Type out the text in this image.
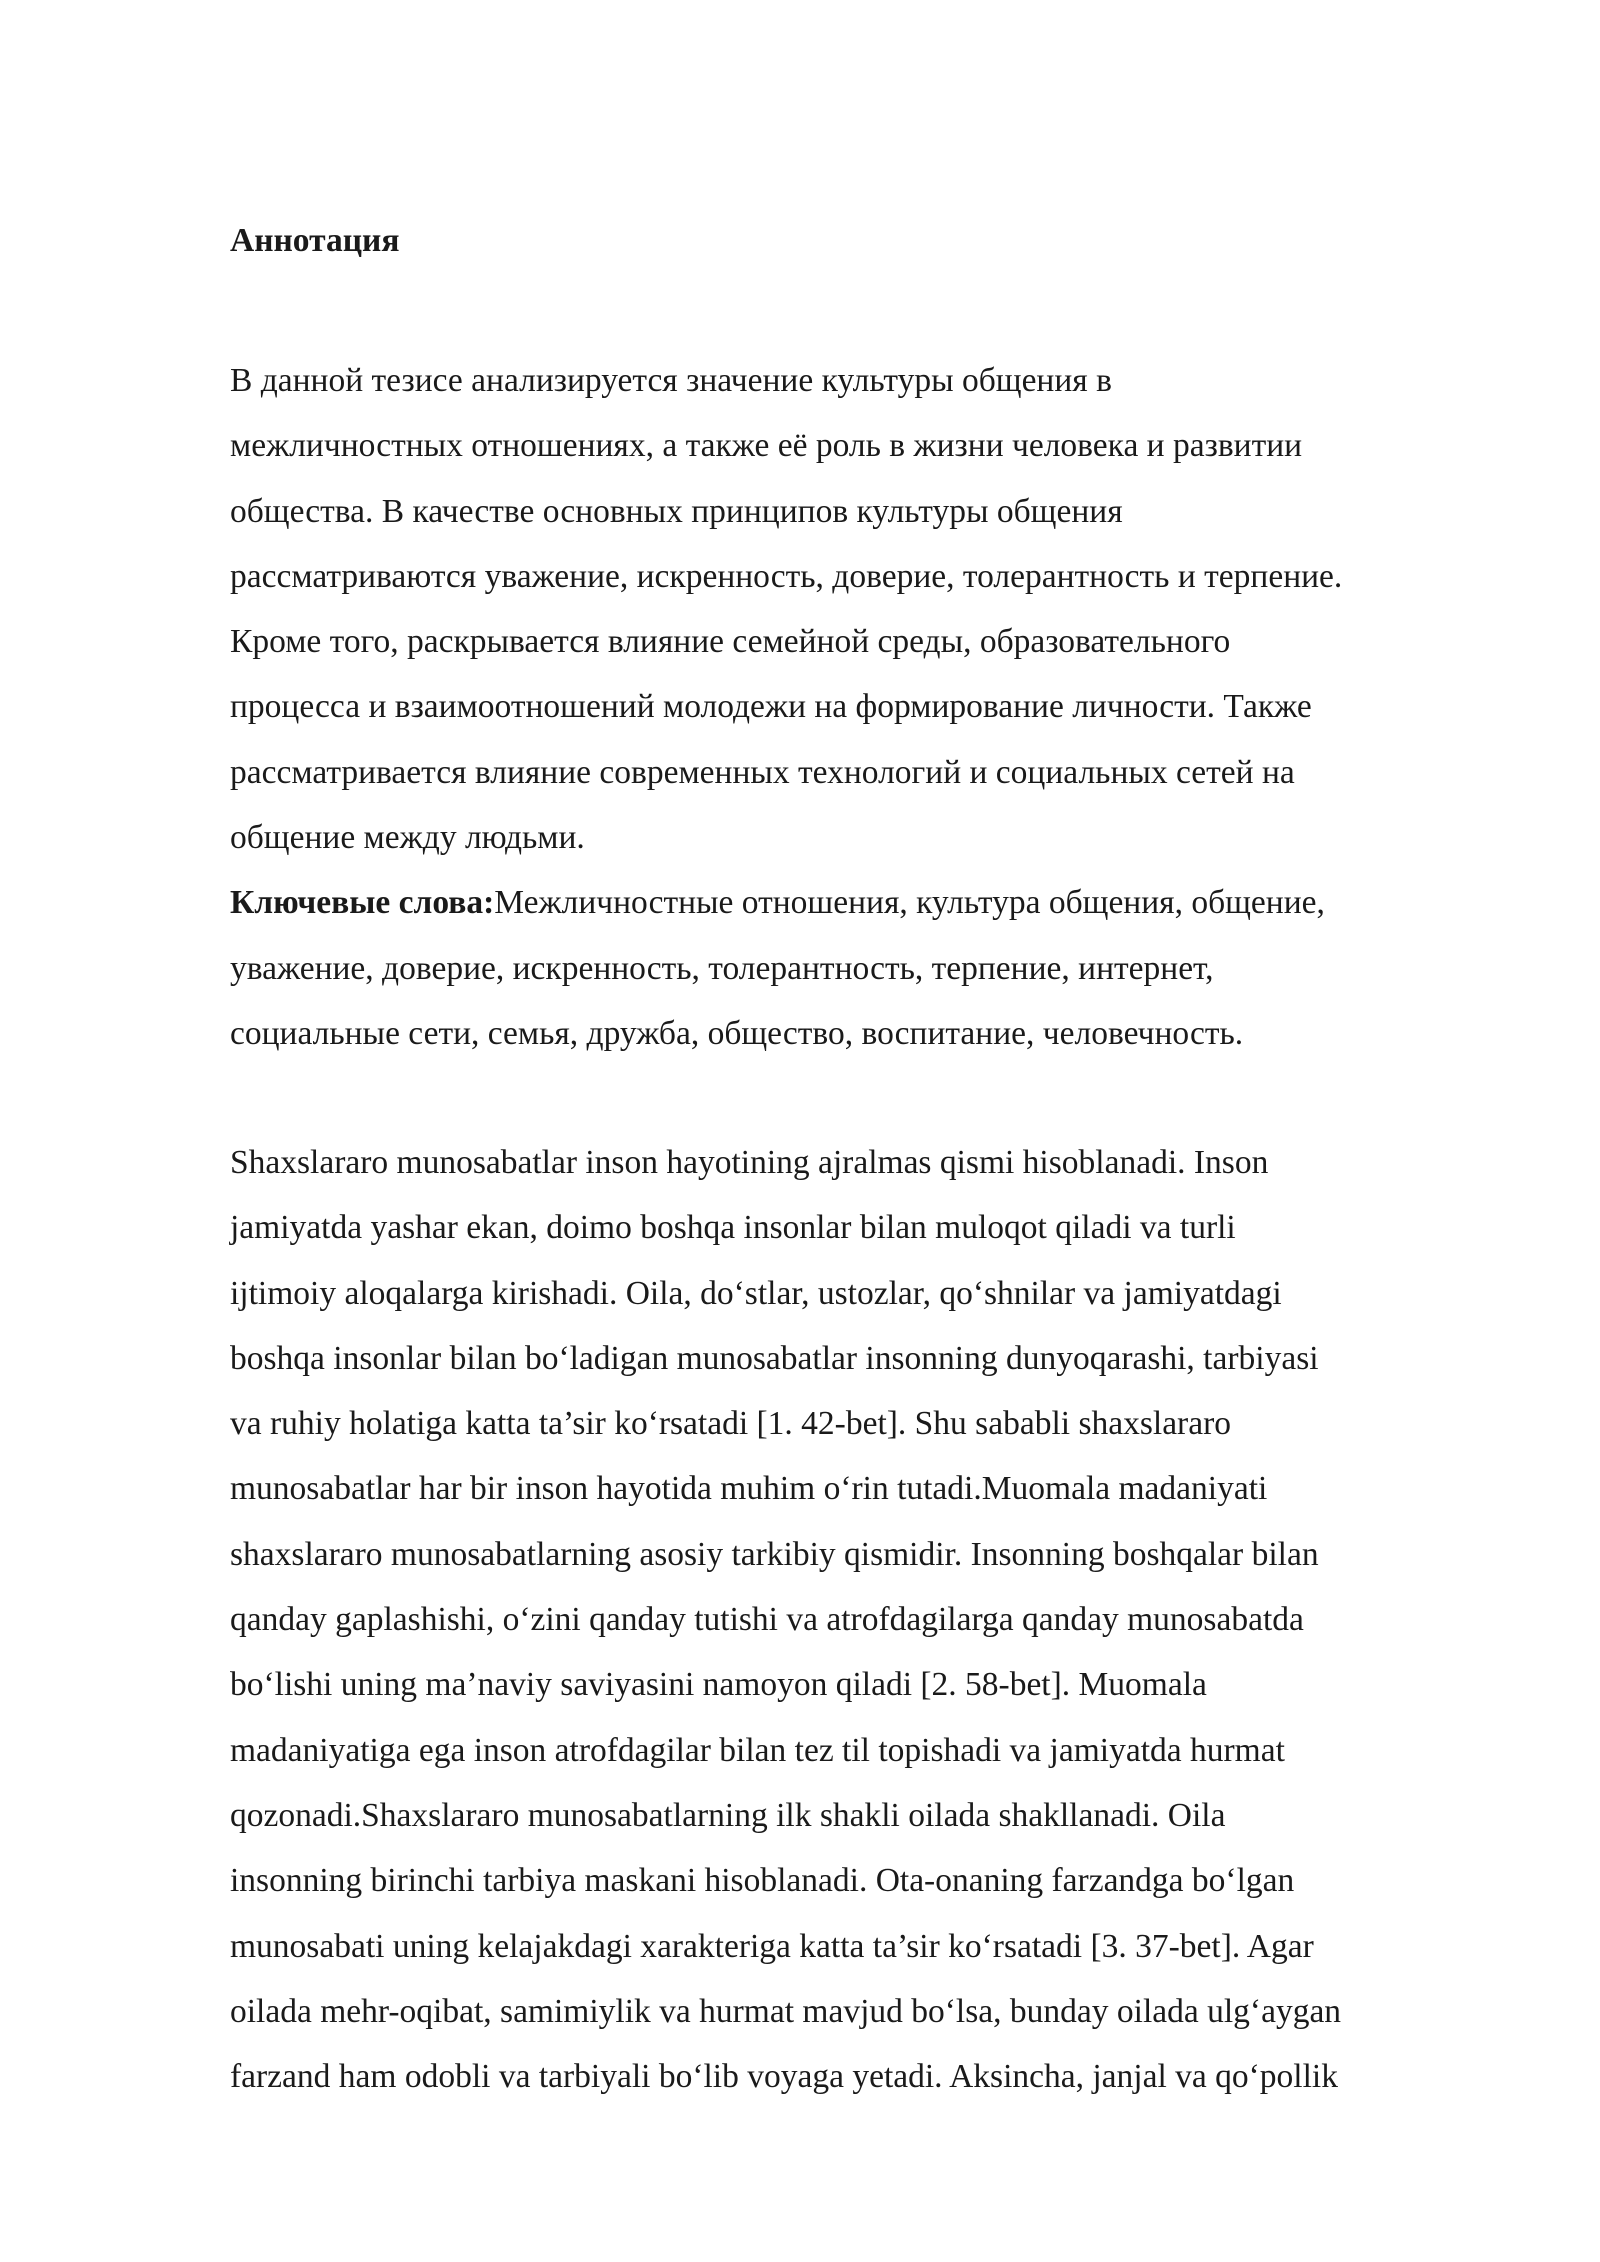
Аннотация
В данной тезисе анализируется значение культуры общения в
межличностных отношениях, а также её роль в жизни человека и развитии
общества. В качестве основных принципов культуры общения
рассматриваются уважение, искренность, доверие, толерантность и терпение.
Кроме того, раскрывается влияние семейной среды, образовательного
процесса и взаимоотношений молодежи на формирование личности. Также
рассматривается влияние современных технологий и социальных сетей на
общение между людьми.
Ключевые слова:Межличностные отношения, культура общения, общение,
уважение, доверие, искренность, толерантность, терпение, интернет,
социальные сети, семья, дружба, общество, воспитание, человечность.
Shaxslararo munosabatlar inson hayotining ajralmas qismi hisoblanadi. Inson
jamiyatda yashar ekan, doimo boshqa insonlar bilan muloqot qiladi va turli
ijtimoiy aloqalarga kirishadi. Oila, do‘stlar, ustozlar, qo‘shnilar va jamiyatdagi
boshqa insonlar bilan bo‘ladigan munosabatlar insonning dunyoqarashi, tarbiyasi
va ruhiy holatiga katta ta’sir ko‘rsatadi [1. 42-bet]. Shu sababli shaxslararo
munosabatlar har bir inson hayotida muhim o‘rin tutadi.Muomala madaniyati
shaxslararo munosabatlarning asosiy tarkibiy qismidir. Insonning boshqalar bilan
qanday gaplashishi, o‘zini qanday tutishi va atrofdagilarga qanday munosabatda
bo‘lishi uning ma’naviy saviyasini namoyon qiladi [2. 58-bet]. Muomala
madaniyatiga ega inson atrofdagilar bilan tez til topishadi va jamiyatda hurmat
qozonadi.Shaxslararo munosabatlarning ilk shakli oilada shakllanadi. Oila
insonning birinchi tarbiya maskani hisoblanadi. Ota-onaning farzandga bo‘lgan
munosabati uning kelajakdagi xarakteriga katta ta’sir ko‘rsatadi [3. 37-bet]. Agar
oilada mehr-oqibat, samimiylik va hurmat mavjud bo‘lsa, bunday oilada ulg‘aygan
farzand ham odobli va tarbiyali bo‘lib voyaga yetadi. Aksincha, janjal va qo‘pollik
